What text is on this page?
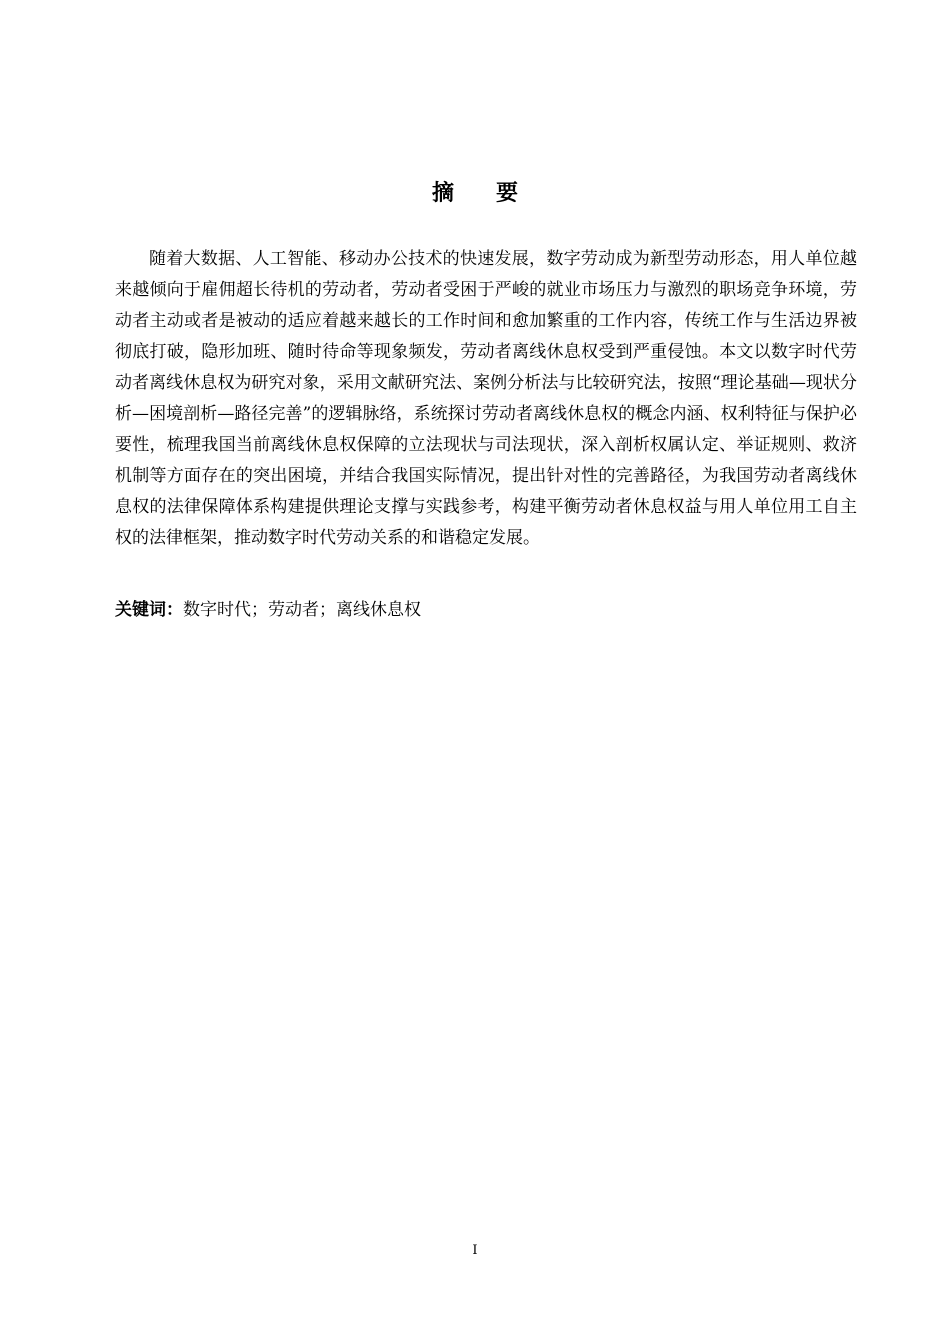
摘要

随着大数据、人工智能、移动办公技术的快速发展，数字劳动成为新型劳动形态，用人单位越来越倾向于雇佣超长待机的劳动者，劳动者受困于严峻的就业市场压力与激烈的职场竞争环境，劳动者主动或者是被动的适应着越来越长的工作时间和愈加繁重的工作内容，传统工作与生活边界被彻底打破，隐形加班、随时待命等现象频发，劳动者离线休息权受到严重侵蚀。本文以数字时代劳动者离线休息权为研究对象，采用文献研究法、案例分析法与比较研究法，按照“理论基础—现状分析—困境剖析—路径完善”的逻辑脉络，系统探讨劳动者离线休息权的概念内涵、权利特征与保护必要性，梳理我国当前离线休息权保障的立法现状与司法现状，深入剖析权属认定、举证规则、救济机制等方面存在的突出困境，并结合我国实际情况，提出针对性的完善路径，为我国劳动者离线休息权的法律保障体系构建提供理论支撑与实践参考，构建平衡劳动者休息权益与用人单位用工自主权的法律框架，推动数字时代劳动关系的和谐稳定发展。

关键词：数字时代；劳动者；离线休息权
I
